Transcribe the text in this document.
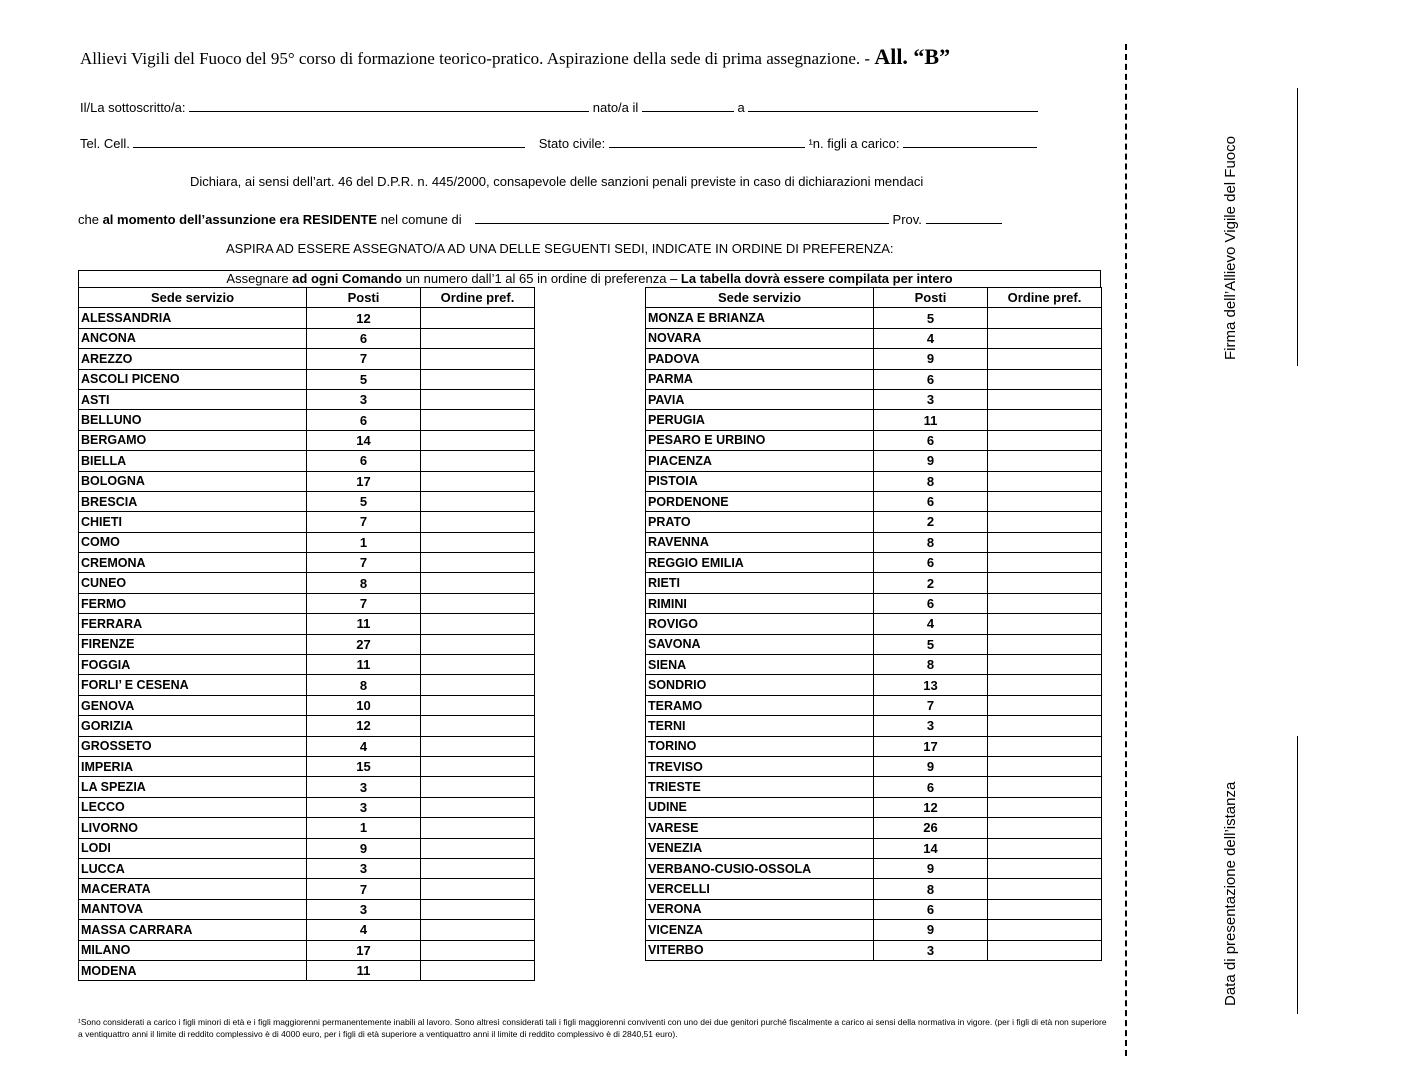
Allievi Vigili del Fuoco del 95° corso di formazione teorico-pratico. Aspirazione della sede di prima assegnazione. - All. “B”
Il/La sottoscritto/a:	nato/a il	a
Tel. Cell.	Stato civile:	¹n. figli a carico:
Dichiara, ai sensi dell’art. 46 del D.P.R. n. 445/2000, consapevole delle sanzioni penali previste in caso di dichiarazioni mendaci
che al momento dell’assunzione era RESIDENTE nel comune di	Prov.
ASPIRA AD ESSERE ASSEGNATO/A AD UNA DELLE SEGUENTI SEDI, INDICATE IN ORDINE DI PREFERENZA:
Assegnare ad ogni Comando un numero dall’1 al 65 in ordine di preferenza – La tabella dovrà essere compilata per intero
Sede servizio	Posti	Ordine pref.
ALESSANDRIA	12	
ANCONA	6	
AREZZO	7	
ASCOLI PICENO	5	
ASTI	3	
BELLUNO	6	
BERGAMO	14	
BIELLA	6	
BOLOGNA	17	
BRESCIA	5	
CHIETI	7	
COMO	1	
CREMONA	7	
CUNEO	8	
FERMO	7	
FERRARA	11	
FIRENZE	27	
FOGGIA	11	
FORLI’ E CESENA	8	
GENOVA	10	
GORIZIA	12	
GROSSETO	4	
IMPERIA	15	
LA SPEZIA	3	
LECCO	3	
LIVORNO	1	
LODI	9	
LUCCA	3	
MACERATA	7	
MANTOVA	3	
MASSA CARRARA	4	
MILANO	17	
MODENA	11	
Sede servizio	Posti	Ordine pref.
MONZA E BRIANZA	5	
NOVARA	4	
PADOVA	9	
PARMA	6	
PAVIA	3	
PERUGIA	11	
PESARO E URBINO	6	
PIACENZA	9	
PISTOIA	8	
PORDENONE	6	
PRATO	2	
RAVENNA	8	
REGGIO EMILIA	6	
RIETI	2	
RIMINI	6	
ROVIGO	4	
SAVONA	5	
SIENA	8	
SONDRIO	13	
TERAMO	7	
TERNI	3	
TORINO	17	
TREVISO	9	
TRIESTE	6	
UDINE	12	
VARESE	26	
VENEZIA	14	
VERBANO-CUSIO-OSSOLA	9	
VERCELLI	8	
VERONA	6	
VICENZA	9	
VITERBO	3	
¹Sono considerati a carico i figli minori di età e i figli maggiorenni permanentemente inabili al lavoro. Sono altresì considerati tali i figli maggiorenni conviventi con uno dei due genitori purché fiscalmente a carico ai sensi della normativa in vigore. (per i figli di età non superiore a ventiquattro anni il limite di reddito complessivo è di 4000 euro, per i figli di età superiore a ventiquattro anni il limite di reddito complessivo è di 2840,51 euro).
Firma dell’Allievo Vigile del Fuoco
Data di presentazione dell’istanza
